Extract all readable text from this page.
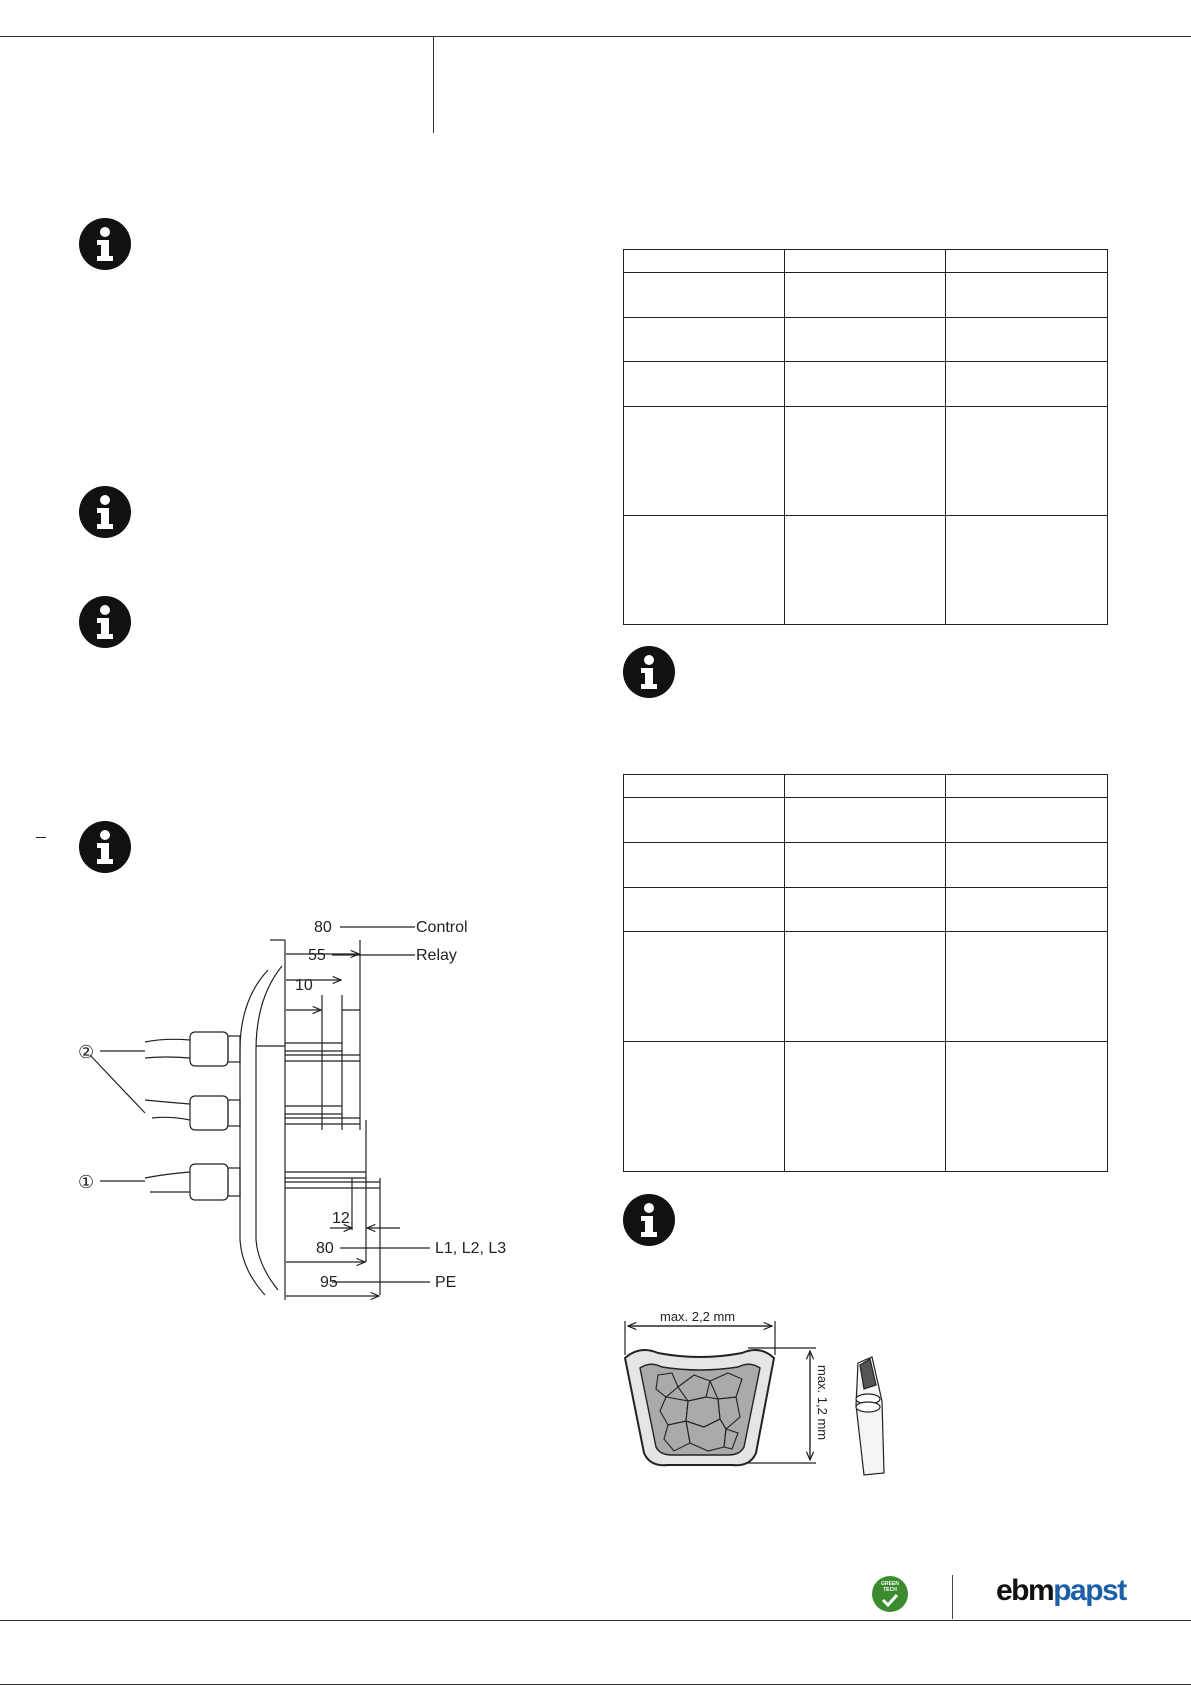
80	Control
55	Relay
10
②
①
12
80	L1, L2, L3
95	PE

max. 2,2 mm
max. 1,2 mm
GREEN TECH	ebmpapst
